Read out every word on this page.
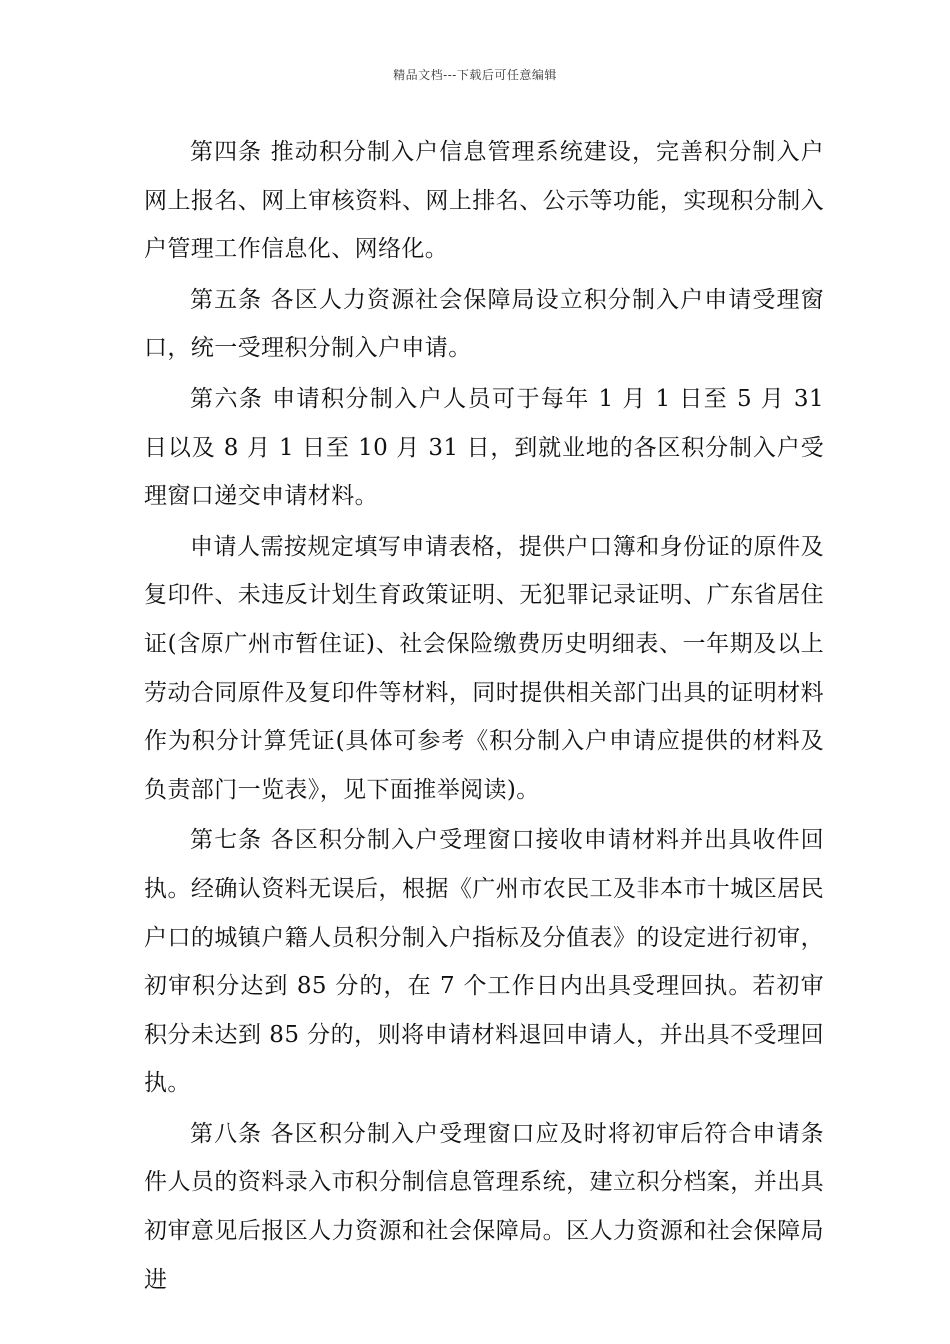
精品文档---下载后可任意编辑

第四条 推动积分制入户信息管理系统建设，完善积分制入户网上报名、网上审核资料、网上排名、公示等功能，实现积分制入户管理工作信息化、网络化。

第五条 各区人力资源社会保障局设立积分制入户申请受理窗口，统一受理积分制入户申请。

第六条 申请积分制入户人员可于每年 1 月 1 日至 5 月 31 日以及 8 月 1 日至 10 月 31 日，到就业地的各区积分制入户受理窗口递交申请材料。

申请人需按规定填写申请表格，提供户口簿和身份证的原件及复印件、未违反计划生育政策证明、无犯罪记录证明、广东省居住证(含原广州市暂住证)、社会保险缴费历史明细表、一年期及以上劳动合同原件及复印件等材料，同时提供相关部门出具的证明材料作为积分计算凭证(具体可参考《积分制入户申请应提供的材料及负责部门一览表》，见下面推举阅读)。

第七条 各区积分制入户受理窗口接收申请材料并出具收件回执。经确认资料无误后，根据《广州市农民工及非本市十城区居民户口的城镇户籍人员积分制入户指标及分值表》的设定进行初审，初审积分达到 85 分的，在 7 个工作日内出具受理回执。若初审积分未达到 85 分的，则将申请材料退回申请人，并出具不受理回执。

第八条 各区积分制入户受理窗口应及时将初审后符合申请条件人员的资料录入市积分制信息管理系统，建立积分档案，并出具初审意见后报区人力资源和社会保障局。区人力资源和社会保障局进
